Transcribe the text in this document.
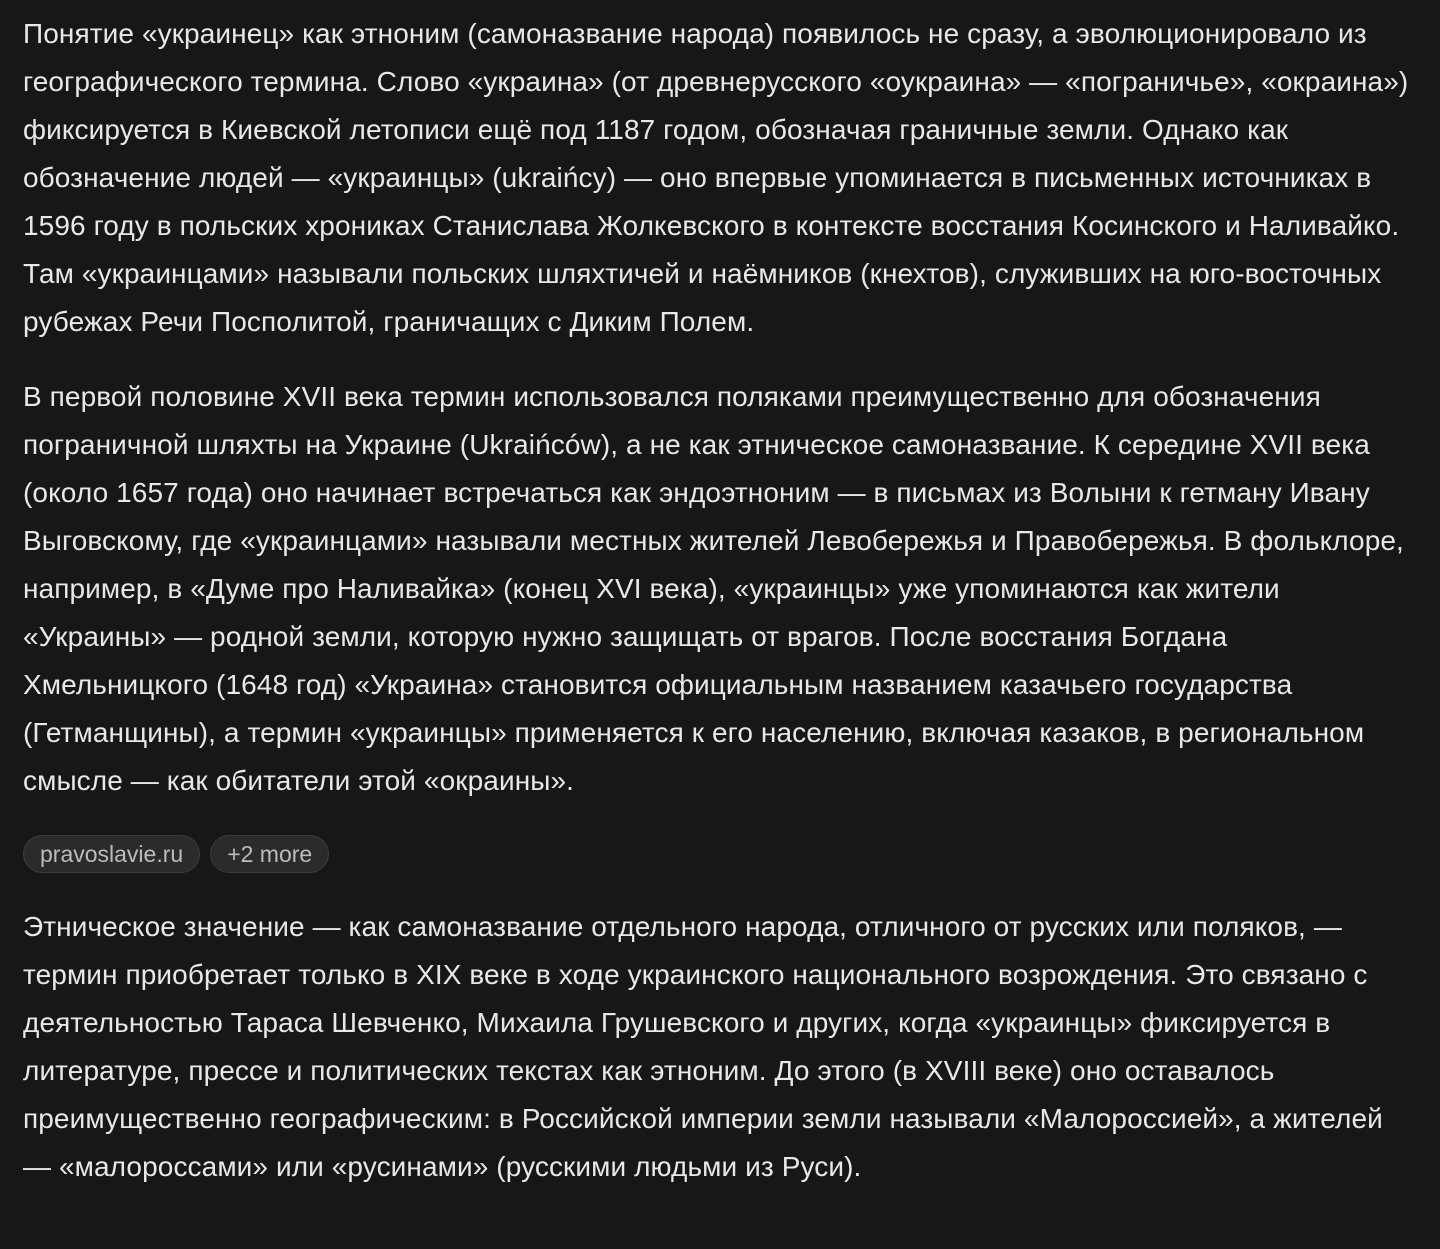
Понятие «украинец» как этноним (самоназвание народа) появилось не сразу, а эволюционировало из географического термина. Слово «украина» (от древнерусского «оукраина» — «пограничье», «окраина») фиксируется в Киевской летописи ещё под 1187 годом, обозначая граничные земли. Однако как обозначение людей — «украинцы» (ukraińcy) — оно впервые упоминается в письменных источниках в 1596 году в польских хрониках Станислава Жолкевского в контексте восстания Косинского и Наливайко. Там «украинцами» называли польских шляхтичей и наёмников (кнехтов), служивших на юго-восточных рубежах Речи Посполитой, граничащих с Диким Полем.

В первой половине XVII века термин использовался поляками преимущественно для обозначения пограничной шляхты на Украине (Ukraińców), а не как этническое самоназвание. К середине XVII века (около 1657 года) оно начинает встречаться как эндоэтноним — в письмах из Волыни к гетману Ивану Выговскому, где «украинцами» называли местных жителей Левобережья и Правобережья. В фольклоре, например, в «Думе про Наливайка» (конец XVI века), «украинцы» уже упоминаются как жители «Украины» — родной земли, которую нужно защищать от врагов. После восстания Богдана Хмельницкого (1648 год) «Украина» становится официальным названием казачьего государства (Гетманщины), а термин «украинцы» применяется к его населению, включая казаков, в региональном смысле — как обитатели этой «окраины».

pravoslavie.ru	+2 more

Этническое значение — как самоназвание отдельного народа, отличного от русских или поляков, — термин приобретает только в XIX веке в ходе украинского национального возрождения. Это связано с деятельностью Тараса Шевченко, Михаила Грушевского и других, когда «украинцы» фиксируется в литературе, прессе и политических текстах как этноним. До этого (в XVIII веке) оно оставалось преимущественно географическим: в Российской империи земли называли «Малороссией», а жителей — «малороссами» или «русинами» (русскими людьми из Руси).
